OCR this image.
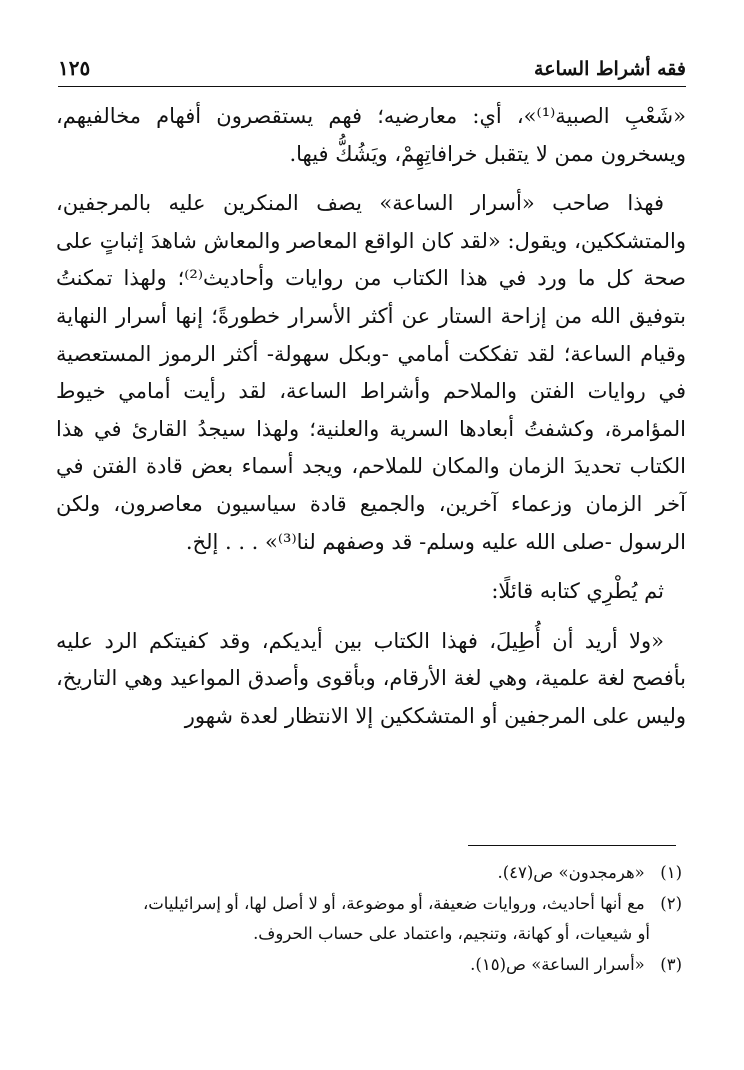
فقه أشراط الساعة
١٢٥

«شَعْبِ الصبية⁽¹⁾»، أي: معارضيه؛ فهم يستقصرون أفهام مخالفيهم، ويسخرون ممن لا يتقبل خرافاتِهِمْ، ويَشُكُّ فيها.

فهذا صاحب «أسرار الساعة» يصف المنكرين عليه بالمرجفين، والمتشككين، ويقول: «لقد كان الواقع المعاصر والمعاش شاهدَ إثباتٍ على صحة كل ما ورد في هذا الكتاب من روايات وأحاديث⁽²⁾؛ ولهذا تمكنتُ بتوفيق الله من إزاحة الستار عن أكثر الأسرار خطورةً؛ إنها أسرار النهاية وقيام الساعة؛ لقد تفككت أمامي -وبكل سهولة- أكثر الرموز المستعصية في روايات الفتن والملاحم وأشراط الساعة، لقد رأيت أمامي خيوط المؤامرة، وكشفتُ أبعادها السرية والعلنية؛ ولهذا سيجدُ القارئ في هذا الكتاب تحديدَ الزمان والمكان للملاحم، ويجد أسماء بعض قادة الفتن في آخر الزمان وزعماء آخرين، والجميع قادة سياسيون معاصرون، ولكن الرسول -صلى الله عليه وسلم- قد وصفهم لنا⁽³⁾» . . . إلخ.

ثم يُطْرِي كتابه قائلًا:

«ولا أريد أن أُطِيلَ، فهذا الكتاب بين أيديكم، وقد كفيتكم الرد عليه بأفصح لغة علمية، وهي لغة الأرقام، وبأقوى وأصدق المواعيد وهي التاريخ، وليس على المرجفين أو المتشككين إلا الانتظار لعدة شهور

(١) «هرمجدون» ص(٤٧).

(٢) مع أنها أحاديث، وروايات ضعيفة، أو موضوعة، أو لا أصل لها، أو إسرائيليات،

أو شيعيات، أو كهانة، وتنجيم، واعتماد على حساب الحروف.

(٣) «أسرار الساعة» ص(١٥).
